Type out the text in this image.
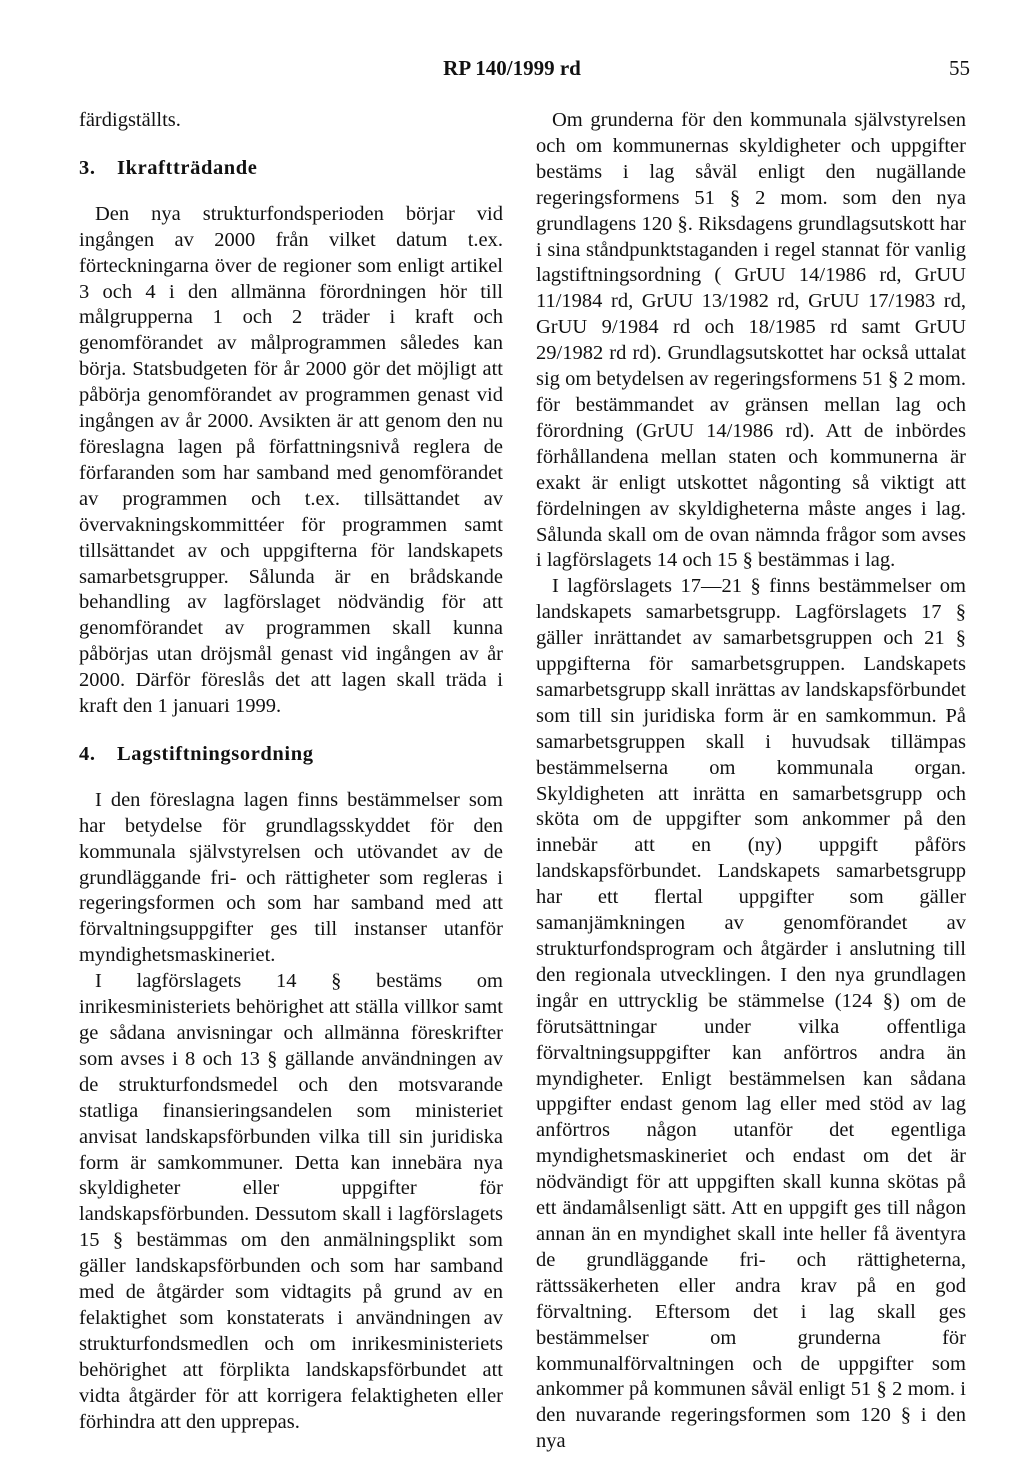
RP 140/1999 rd	55

färdigställts.

3. Ikraftträdande

Den nya strukturfondsperioden börjar vid ingången av 2000 från vilket datum t.ex. förteckningarna över de regioner som enligt artikel 3 och 4 i den allmänna förordningen hör till målgrupperna 1 och 2 träder i kraft och genomförandet av målprogrammen således kan börja. Statsbudgeten för år 2000 gör det möjligt att påbörja genomförandet av programmen genast vid ingången av år 2000. Avsikten är att genom den nu föreslagna lagen på författningsnivå reglera de förfaranden som har samband med genomförandet av programmen och t.ex. tillsättandet av övervakningskommittéer för programmen samt tillsättandet av och uppgifterna för landskapets samarbetsgrupper. Sålunda är en brådskande behandling av lagförslaget nödvändig för att genomförandet av programmen skall kunna påbörjas utan dröjsmål genast vid ingången av år 2000. Därför föreslås det att lagen skall träda i kraft den 1 januari 1999.

4. Lagstiftningsordning

I den föreslagna lagen finns bestämmelser som har betydelse för grundlagsskyddet för den kommunala självstyrelsen och utövandet av de grundläggande fri- och rättigheter som regleras i regeringsformen och som har samband med att förvaltningsuppgifter ges till instanser utanför myndighetsmaskineriet.

I lagförslagets 14 § bestäms om inrikesministeriets behörighet att ställa villkor samt ge sådana anvisningar och allmänna föreskrifter som avses i 8 och 13 § gällande användningen av de strukturfondsmedel och den motsvarande statliga finansieringsandelen som ministeriet anvisat landskapsförbunden vilka till sin juridiska form är samkommuner. Detta kan innebära nya skyldigheter eller uppgifter för landskapsförbunden. Dessutom skall i lagförslagets 15 § bestämmas om den anmälningsplikt som gäller landskapsförbunden och som har samband med de åtgärder som vidtagits på grund av en felaktighet som konstaterats i användningen av strukturfondsmedlen och om inrikesministeriets behörighet att förplikta landskapsförbundet att vidta åtgärder för att korrigera felaktigheten eller förhindra att den upprepas.

Om grunderna för den kommunala självstyrelsen och om kommunernas skyldigheter och uppgifter bestäms i lag såväl enligt den nugällande regeringsformens 51 § 2 mom. som den nya grundlagens 120 §. Riksdagens grundlagsutskott har i sina ståndpunktstaganden i regel stannat för vanlig lagstiftningsordning ( GrUU 14/1986 rd, GrUU 11/1984 rd, GrUU 13/1982 rd, GrUU 17/1983 rd, GrUU 9/1984 rd och 18/1985 rd samt GrUU 29/1982 rd rd). Grundlagsutskottet har också uttalat sig om betydelsen av regeringsformens 51 § 2 mom. för bestämmandet av gränsen mellan lag och förordning (GrUU 14/1986 rd). Att de inbördes förhållandena mellan staten och kommunerna är exakt är enligt utskottet någonting så viktigt att fördelningen av skyldigheterna måste anges i lag. Sålunda skall om de ovan nämnda frågor som avses i lagförslagets 14 och 15 § bestämmas i lag.

I lagförslagets 17—21 § finns bestämmelser om landskapets samarbetsgrupp. Lagförslagets 17 § gäller inrättandet av samarbetsgruppen och 21 § uppgifterna för samarbetsgruppen. Landskapets samarbetsgrupp skall inrättas av landskapsförbundet som till sin juridiska form är en samkommun. På samarbetsgruppen skall i huvudsak tillämpas bestämmelserna om kommunala organ. Skyldigheten att inrätta en samarbetsgrupp och sköta om de uppgifter som ankommer på den innebär att en (ny) uppgift påförs landskapsförbundet. Landskapets samarbetsgrupp har ett flertal uppgifter som gäller samanjämkningen av genomförandet av strukturfondsprogram och åtgärder i anslutning till den regionala utvecklingen. I den nya grundlagen ingår en uttrycklig be stämmelse (124 §) om de förutsättningar under vilka offentliga förvaltningsuppgifter kan anförtros andra än myndigheter. Enligt bestämmelsen kan sådana uppgifter endast genom lag eller med stöd av lag anförtros någon utanför det egentliga myndighetsmaskineriet och endast om det är nödvändigt för att uppgiften skall kunna skötas på ett ändamålsenligt sätt. Att en uppgift ges till någon annan än en myndighet skall inte heller få äventyra de grundläggande fri- och rättigheterna, rättssäkerheten eller andra krav på en god förvaltning. Eftersom det i lag skall ges bestämmelser om grunderna för kommunalförvaltningen och de uppgifter som ankommer på kommunen såväl enligt 51 § 2 mom. i den nuvarande regeringsformen som 120 § i den nya
